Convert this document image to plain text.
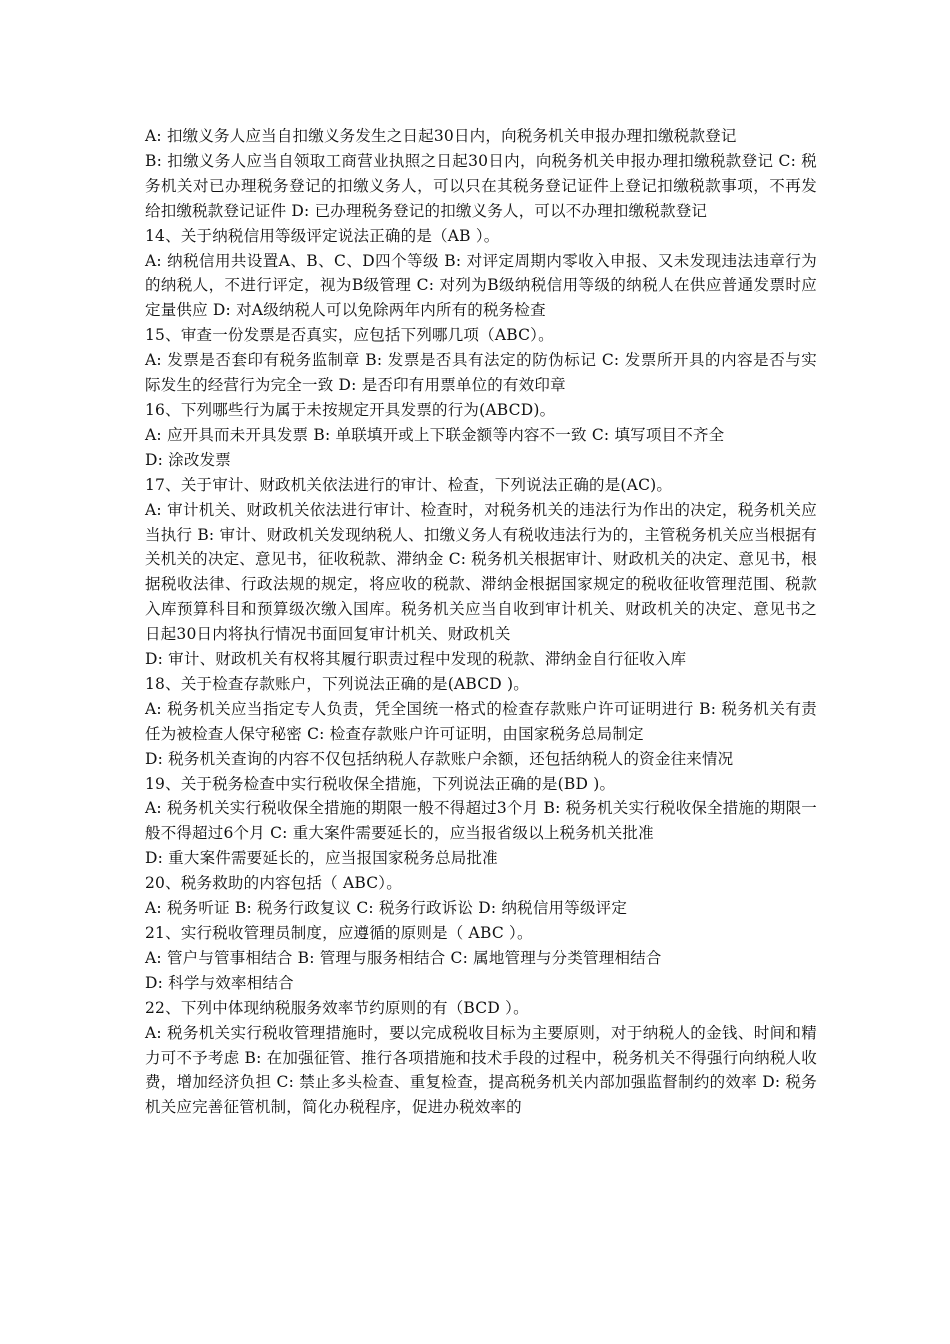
A: 扣缴义务人应当自扣缴义务发生之日起30日内，向税务机关申报办理扣缴税款登记

B: 扣缴义务人应当自领取工商营业执照之日起30日内，向税务机关申报办理扣缴税款登记 C: 税务机关对已办理税务登记的扣缴义务人，可以只在其税务登记证件上登记扣缴税款事项，不再发给扣缴税款登记证件 D: 已办理税务登记的扣缴义务人，可以不办理扣缴税款登记

14、关于纳税信用等级评定说法正确的是（AB ）。

A: 纳税信用共设置A、B、C、D四个等级 B: 对评定周期内零收入申报、又未发现违法违章行为的纳税人，不进行评定，视为B级管理 C: 对列为B级纳税信用等级的纳税人在供应普通发票时应定量供应 D: 对A级纳税人可以免除两年内所有的税务检查

15、审查一份发票是否真实，应包括下列哪几项（ABC）。

A: 发票是否套印有税务监制章 B: 发票是否具有法定的防伪标记 C: 发票所开具的内容是否与实际发生的经营行为完全一致 D: 是否印有用票单位的有效印章

16、下列哪些行为属于未按规定开具发票的行为(ABCD)。

A: 应开具而未开具发票 B: 单联填开或上下联金额等内容不一致 C: 填写项目不齐全

D: 涂改发票

17、关于审计、财政机关依法进行的审计、检查，下列说法正确的是(AC)。

A: 审计机关、财政机关依法进行审计、检查时，对税务机关的违法行为作出的决定，税务机关应当执行 B: 审计、财政机关发现纳税人、扣缴义务人有税收违法行为的，主管税务机关应当根据有关机关的决定、意见书，征收税款、滞纳金 C: 税务机关根据审计、财政机关的决定、意见书，根据税收法律、行政法规的规定，将应收的税款、滞纳金根据国家规定的税收征收管理范围、税款入库预算科目和预算级次缴入国库。税务机关应当自收到审计机关、财政机关的决定、意见书之日起30日内将执行情况书面回复审计机关、财政机关

D: 审计、财政机关有权将其履行职责过程中发现的税款、滞纳金自行征收入库

18、关于检查存款账户，下列说法正确的是(ABCD )。

A: 税务机关应当指定专人负责，凭全国统一格式的检查存款账户许可证明进行 B: 税务机关有责任为被检查人保守秘密 C: 检查存款账户许可证明，由国家税务总局制定

D: 税务机关查询的内容不仅包括纳税人存款账户余额，还包括纳税人的资金往来情况

19、关于税务检查中实行税收保全措施，下列说法正确的是(BD )。

A: 税务机关实行税收保全措施的期限一般不得超过3个月 B: 税务机关实行税收保全措施的期限一般不得超过6个月 C: 重大案件需要延长的，应当报省级以上税务机关批准

D: 重大案件需要延长的，应当报国家税务总局批准

20、税务救助的内容包括（ ABC）。

A: 税务听证 B: 税务行政复议 C: 税务行政诉讼 D: 纳税信用等级评定

21、实行税收管理员制度，应遵循的原则是（ ABC ）。

A: 管户与管事相结合 B: 管理与服务相结合 C: 属地管理与分类管理相结合

D: 科学与效率相结合

22、下列中体现纳税服务效率节约原则的有（BCD ）。

A: 税务机关实行税收管理措施时，要以完成税收目标为主要原则，对于纳税人的金钱、时间和精力可不予考虑 B: 在加强征管、推行各项措施和技术手段的过程中，税务机关不得强行向纳税人收费，增加经济负担 C: 禁止多头检查、重复检查，提高税务机关内部加强监督制约的效率 D: 税务机关应完善征管机制，简化办税程序，促进办税效率的
